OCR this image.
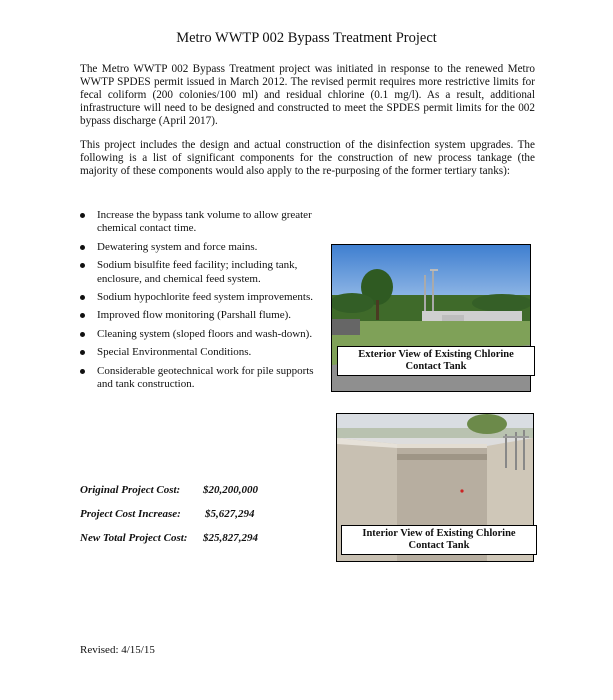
Metro WWTP 002 Bypass Treatment Project

The Metro WWTP 002 Bypass Treatment project was initiated in response to the renewed Metro WWTP SPDES permit issued in March 2012. The revised permit requires more restrictive limits for fecal coliform (200 colonies/100 ml) and residual chlorine (0.1 mg/l). As a result, additional infrastructure will need to be designed and constructed to meet the SPDES permit limits for the 002 bypass discharge (April 2017).

This project includes the design and actual construction of the disinfection system upgrades. The following is a list of significant components for the construction of new process tankage (the majority of these components would also apply to the re-purposing of the former tertiary tanks):

Increase the bypass tank volume to allow greater chemical contact time.
Dewatering system and force mains.
Sodium bisulfite feed facility; including tank, enclosure, and chemical feed system.
Sodium hypochlorite feed system improvements.
Improved flow monitoring (Parshall flume).
Cleaning system (sloped floors and wash-down).
Special Environmental Conditions.
Considerable geotechnical work for pile supports and tank construction.
Exterior View of Existing Chlorine Contact Tank
Interior View of Existing Chlorine Contact Tank
Original Project Cost: $20,200,000
Project Cost Increase: $5,627,294
New Total Project Cost: $25,827,294
Revised: 4/15/15
